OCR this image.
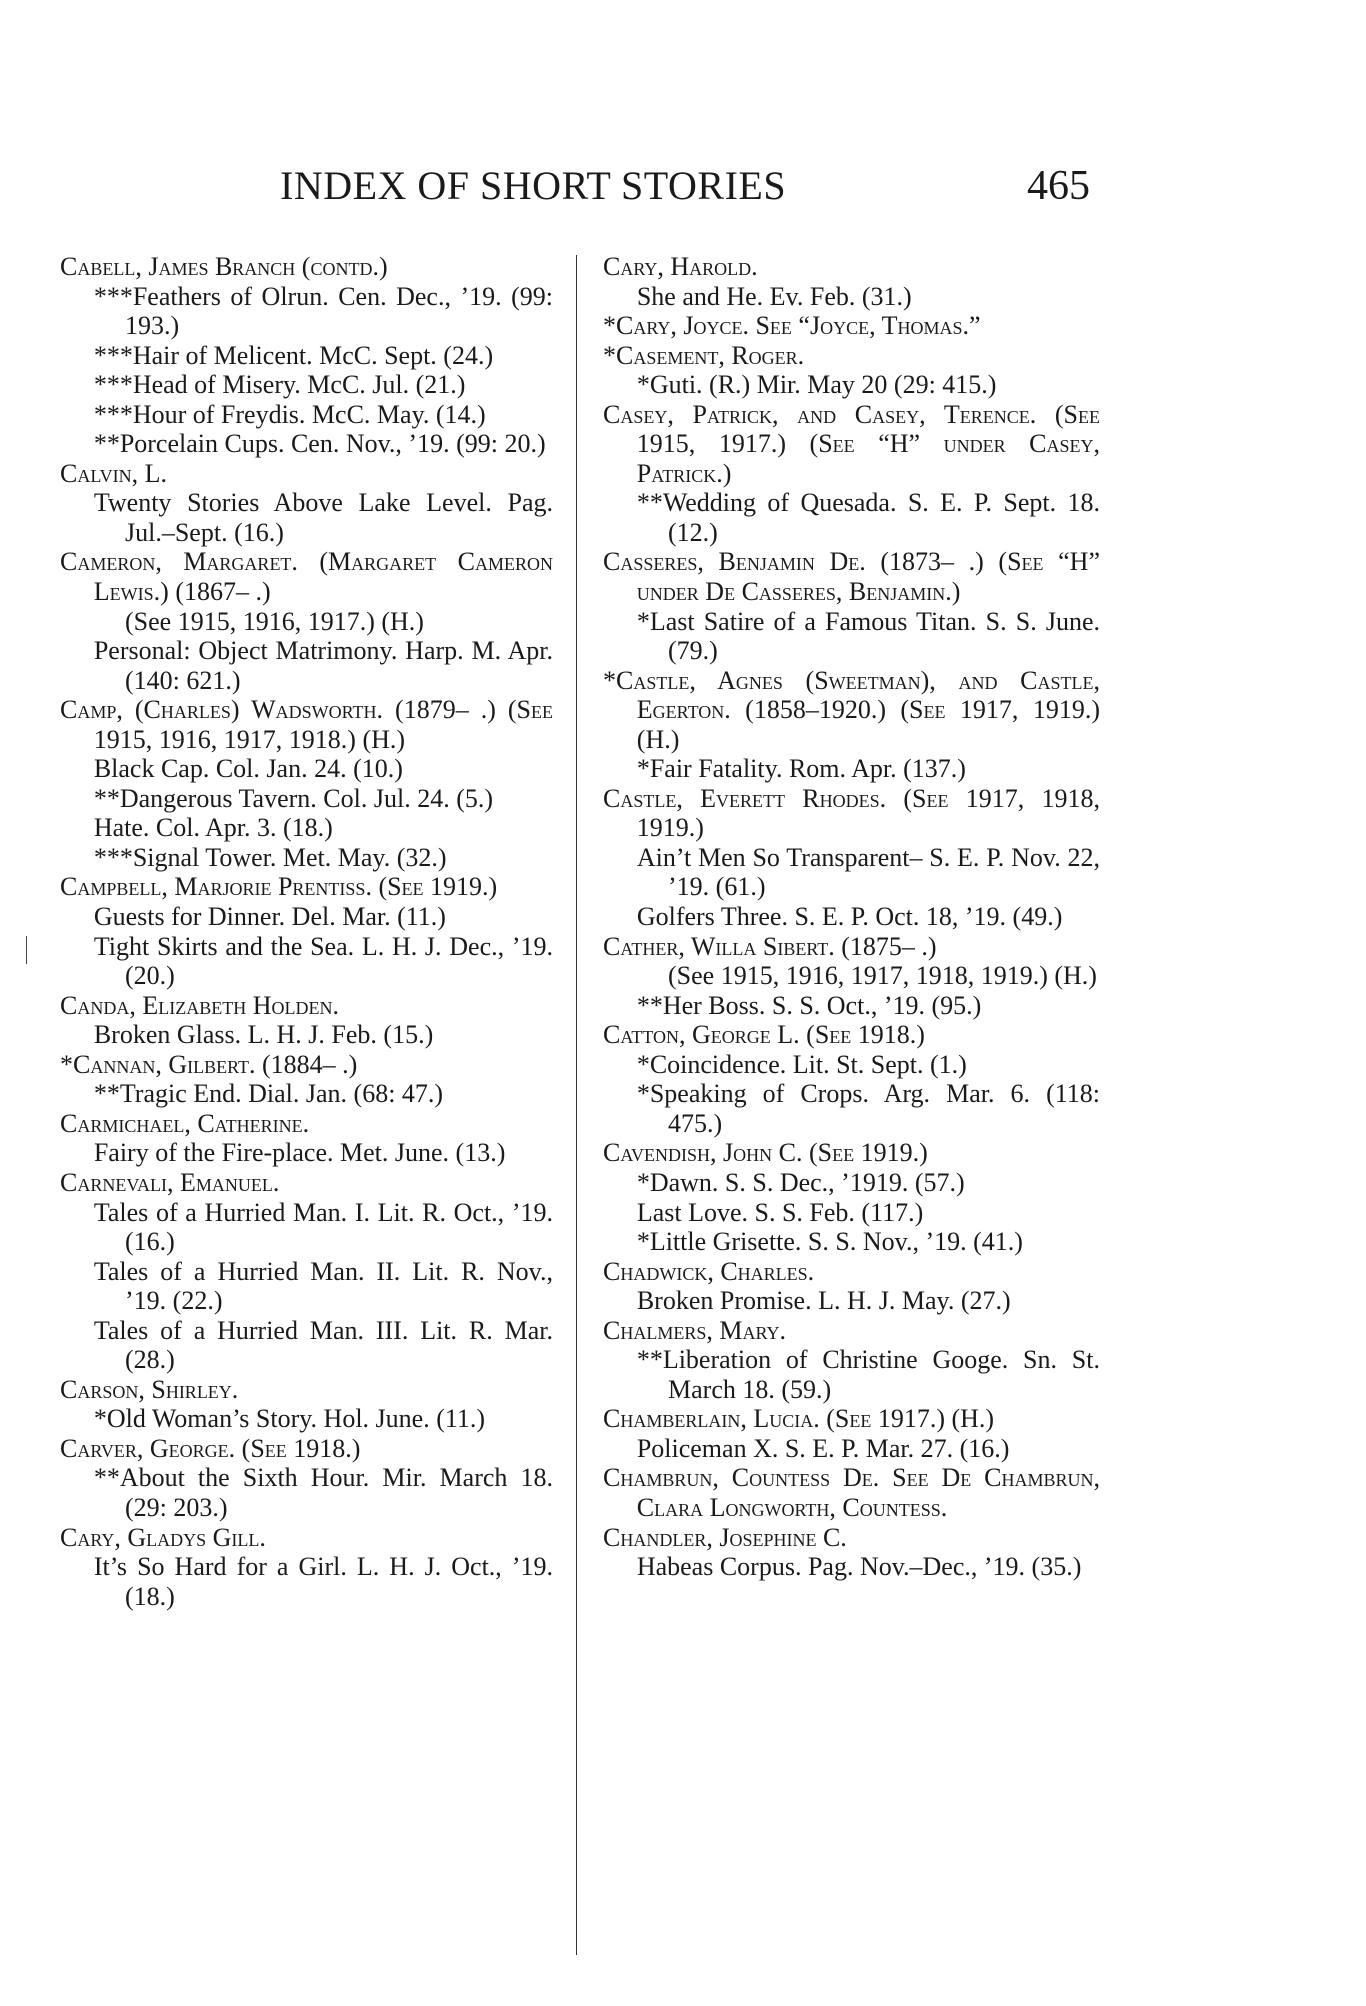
INDEX OF SHORT STORIES	465
Cabell, James Branch (contd.)
***Feathers of Olrun. Cen. Dec., ’19. (99: 193.)
***Hair of Melicent. McC. Sept. (24.)
***Head of Misery. McC. Jul. (21.)
***Hour of Freydis. McC. May. (14.)
**Porcelain Cups. Cen. Nov., ’19. (99: 20.)
Calvin, L.
Twenty Stories Above Lake Level. Pag. Jul.–Sept. (16.)
Cameron, Margaret. (Margaret Cameron Lewis.) (1867– .)
(See 1915, 1916, 1917.) (H.)
Personal: Object Matrimony. Harp. M. Apr. (140: 621.)
Camp, (Charles) Wadsworth. (1879– .) (See 1915, 1916, 1917, 1918.) (H.)
Black Cap. Col. Jan. 24. (10.)
**Dangerous Tavern. Col. Jul. 24. (5.)
Hate. Col. Apr. 3. (18.)
***Signal Tower. Met. May. (32.)
Campbell, Marjorie Prentiss. (See 1919.)
Guests for Dinner. Del. Mar. (11.)
Tight Skirts and the Sea. L. H. J. Dec., ’19. (20.)
Canda, Elizabeth Holden.
Broken Glass. L. H. J. Feb. (15.)
*Cannan, Gilbert. (1884– .)
**Tragic End. Dial. Jan. (68: 47.)
Carmichael, Catherine.
Fairy of the Fire-place. Met. June. (13.)
Carnevali, Emanuel.
Tales of a Hurried Man. I. Lit. R. Oct., ’19. (16.)
Tales of a Hurried Man. II. Lit. R. Nov., ’19. (22.)
Tales of a Hurried Man. III. Lit. R. Mar. (28.)
Carson, Shirley.
*Old Woman’s Story. Hol. June. (11.)
Carver, George. (See 1918.)
**About the Sixth Hour. Mir. March 18. (29: 203.)
Cary, Gladys Gill.
It’s So Hard for a Girl. L. H. J. Oct., ’19. (18.)
Cary, Harold.
She and He. Ev. Feb. (31.)
*Cary, Joyce. See “Joyce, Thomas.”
*Casement, Roger.
*Guti. (R.) Mir. May 20 (29: 415.)
Casey, Patrick, and Casey, Terence. (See 1915, 1917.) (See “H” under Casey, Patrick.)
**Wedding of Quesada. S. E. P. Sept. 18. (12.)
Casseres, Benjamin De. (1873– .) (See “H” under De Casseres, Benjamin.)
*Last Satire of a Famous Titan. S. S. June. (79.)
*Castle, Agnes (Sweetman), and Castle, Egerton. (1858–1920.) (See 1917, 1919.) (H.)
*Fair Fatality. Rom. Apr. (137.)
Castle, Everett Rhodes. (See 1917, 1918, 1919.)
Ain’t Men So Transparent– S. E. P. Nov. 22, ’19. (61.)
Golfers Three. S. E. P. Oct. 18, ’19. (49.)
Cather, Willa Sibert. (1875– .)
(See 1915, 1916, 1917, 1918, 1919.) (H.)
**Her Boss. S. S. Oct., ’19. (95.)
Catton, George L. (See 1918.)
*Coincidence. Lit. St. Sept. (1.)
*Speaking of Crops. Arg. Mar. 6. (118: 475.)
Cavendish, John C. (See 1919.)
*Dawn. S. S. Dec., ’1919. (57.)
Last Love. S. S. Feb. (117.)
*Little Grisette. S. S. Nov., ’19. (41.)
Chadwick, Charles.
Broken Promise. L. H. J. May. (27.)
Chalmers, Mary.
**Liberation of Christine Googe. Sn. St. March 18. (59.)
Chamberlain, Lucia. (See 1917.) (H.)
Policeman X. S. E. P. Mar. 27. (16.)
Chambrun, Countess De. See De Chambrun, Clara Longworth, Countess.
Chandler, Josephine C.
Habeas Corpus. Pag. Nov.–Dec., ’19. (35.)
